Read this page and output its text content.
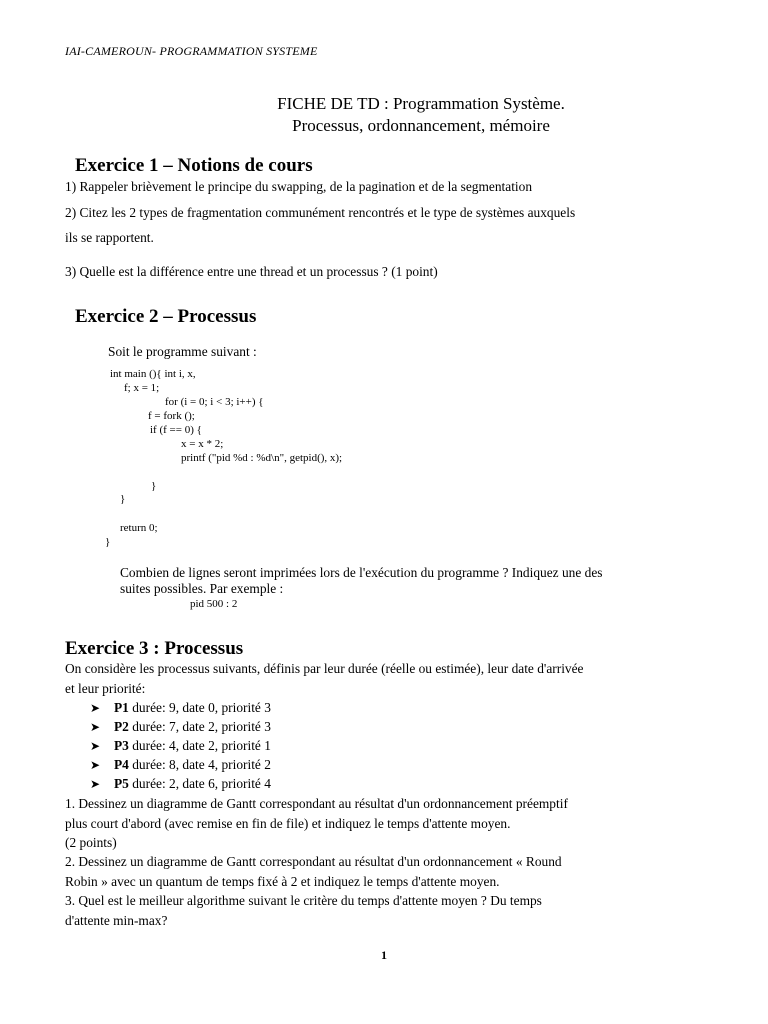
IAI-CAMEROUN- PROGRAMMATION SYSTEME
FICHE DE TD : Programmation Système.
Processus, ordonnancement, mémoire
Exercice 1 – Notions de cours
1) Rappeler brièvement le principe du swapping, de la pagination et de la segmentation
2) Citez les 2 types de fragmentation communément rencontrés et le type de systèmes auxquels
ils se rapportent.
3) Quelle est la différence entre une thread et un processus ? (1 point)
Exercice 2 – Processus
Soit le programme suivant :
int main (){ int i, x,
f; x = 1;
for (i = 0; i < 3; i++) {
f = fork ();
if (f == 0) {
x = x * 2;
printf ("pid %d : %d\n", getpid(), x);
}
}
return 0;
}
Combien de lignes seront imprimées lors de l'exécution du programme ? Indiquez une des
suites possibles. Par exemple :
pid 500 : 2
Exercice 3 : Processus
On considère les processus suivants, définis par leur durée (réelle ou estimée), leur date d'arrivée
et leur priorité:
➤ P1 durée: 9, date 0, priorité 3
➤ P2 durée: 7, date 2, priorité 3
➤ P3 durée: 4, date 2, priorité 1
➤ P4 durée: 8, date 4, priorité 2
➤ P5 durée: 2, date 6, priorité 4
1. Dessinez un diagramme de Gantt correspondant au résultat d'un ordonnancement préemptif
plus court d'abord (avec remise en fin de file) et indiquez le temps d'attente moyen.
(2 points)
2. Dessinez un diagramme de Gantt correspondant au résultat d'un ordonnancement « Round
Robin » avec un quantum de temps fixé à 2 et indiquez le temps d'attente moyen.
3. Quel est le meilleur algorithme suivant le critère du temps d'attente moyen ? Du temps
d'attente min-max?
1
